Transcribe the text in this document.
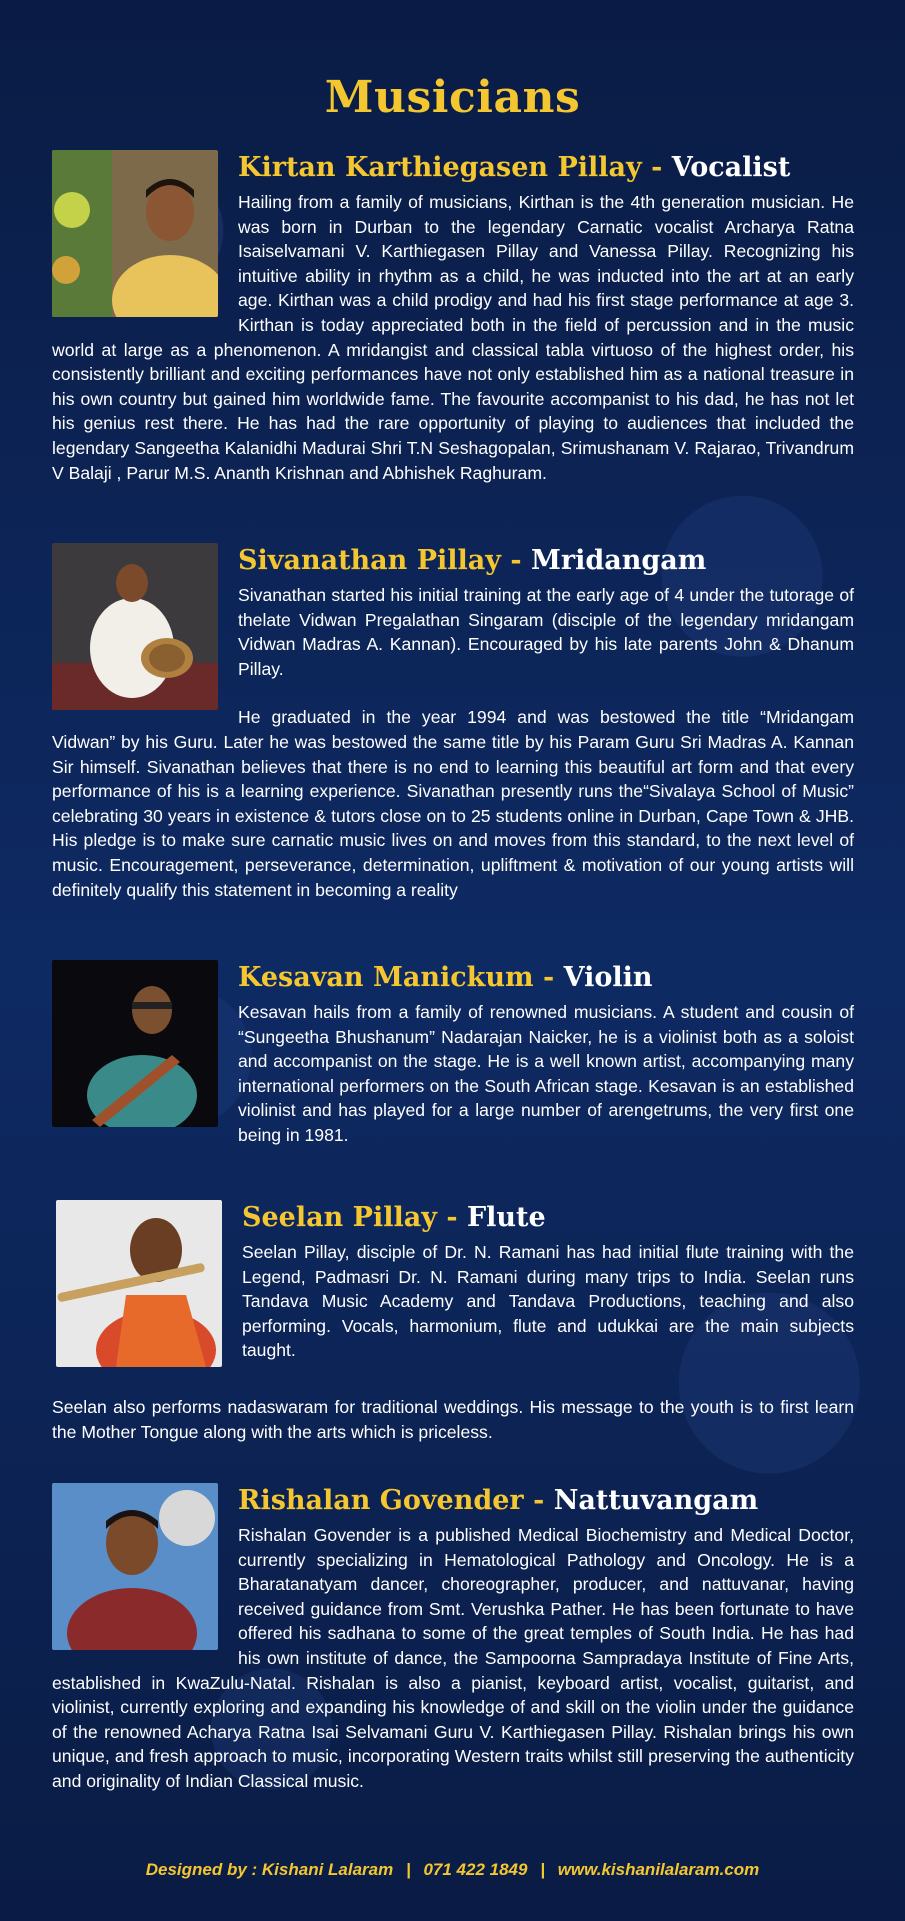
Musicians
Kirtan Karthiegasen Pillay - Vocalist

Hailing from a family of musicians, Kirthan is the 4th generation musician. He was born in Durban to the legendary Carnatic vocalist Archarya Ratna Isaiselvamani V. Karthiegasen Pillay and Vanessa Pillay. Recognizing his intuitive ability in rhythm as a child, he was inducted into the art at an early age. Kirthan was a child prodigy and had his first stage performance at age 3. Kirthan is today appreciated both in the field of percussion and in the music world at large as a phenomenon. A mridangist and classical tabla virtuoso of the highest order, his consistently brilliant and exciting performances have not only established him as a national treasure in his own country but gained him worldwide fame. The favourite accompanist to his dad, he has not let his genius rest there. He has had the rare opportunity of playing to audiences that included the legendary Sangeetha Kalanidhi Madurai Shri T.N Seshagopalan, Srimushanam V. Rajarao, Trivandrum V Balaji , Parur M.S. Ananth Krishnan and Abhishek Raghuram.

Sivanathan Pillay - Mridangam

Sivanathan started his initial training at the early age of 4 under the tutorage of thelate Vidwan Pregalathan Singaram (disciple of the legendary mridangam Vidwan Madras A. Kannan). Encouraged by his late parents John & Dhanum Pillay.

He graduated in the year 1994 and was bestowed the title “Mridangam Vidwan” by his Guru. Later he was bestowed the same title by his Param Guru Sri Madras A. Kannan Sir himself. Sivanathan believes that there is no end to learning this beautiful art form and that every performance of his is a learning experience. Sivanathan presently runs the“Sivalaya School of Music” celebrating 30 years in existence & tutors close on to 25 students online in Durban, Cape Town & JHB. His pledge is to make sure carnatic music lives on and moves from this standard, to the next level of music. Encouragement, perseverance, determination, upliftment & motivation of our young artists will definitely qualify this statement in becoming a reality

Kesavan Manickum - Violin

Kesavan hails from a family of renowned musicians. A student and cousin of “Sungeetha Bhushanum” Nadarajan Naicker, he is a violinist both as a soloist and accompanist on the stage. He is a well known artist, accompanying many international performers on the South African stage. Kesavan is an established violinist and has played for a large number of arengetrums, the very first one being in 1981.

Seelan Pillay - Flute

Seelan Pillay, disciple of Dr. N. Ramani has had initial flute training with the Legend, Padmasri Dr. N. Ramani during many trips to India. Seelan runs Tandava Music Academy and Tandava Productions, teaching and also performing. Vocals, harmonium, flute and udukkai are the main subjects taught.

Seelan also performs nadaswaram for traditional weddings. His message to the youth is to first learn the Mother Tongue along with the arts which is priceless.

Rishalan Govender - Nattuvangam

Rishalan Govender is a published Medical Biochemistry and Medical Doctor, currently specializing in Hematological Pathology and Oncology. He is a Bharatanatyam dancer, choreographer, producer, and nattuvanar, having received guidance from Smt. Verushka Pather. He has been fortunate to have offered his sadhana to some of the great temples of South India. He has had his own institute of dance, the Sampoorna Sampradaya Institute of Fine Arts, established in KwaZulu-Natal. Rishalan is also a pianist, keyboard artist, vocalist, guitarist, and violinist, currently exploring and expanding his knowledge of and skill on the violin under the guidance of the renowned Acharya Ratna Isai Selvamani Guru V. Karthiegasen Pillay. Rishalan brings his own unique, and fresh approach to music, incorporating Western traits whilst still preserving the authenticity and originality of Indian Classical music.

Designed by : Kishani Lalaram | 071 422 1849 | www.kishanilalaram.com
